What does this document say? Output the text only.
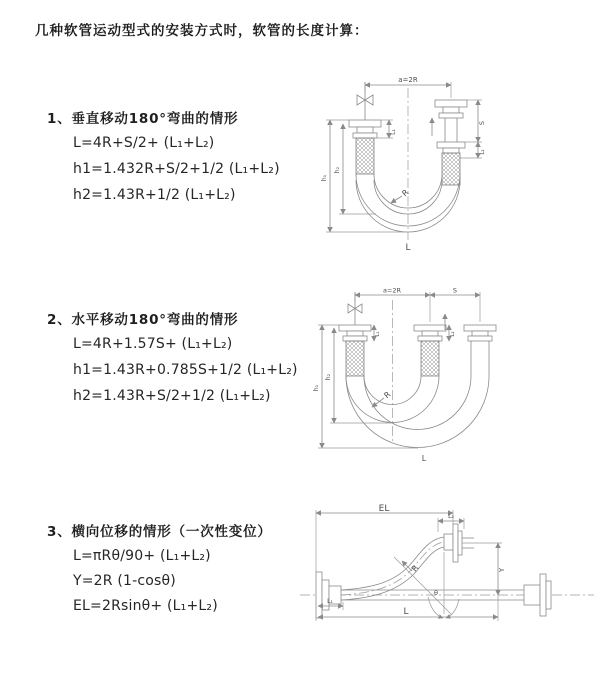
几种软管运动型式的安装方式时，软管的长度计算：
1、垂直移动180°弯曲的情形
L=4R+S/2+ (L₁+L₂)
h1=1.432R+S/2+1/2 (L₁+L₂)
h2=1.43R+1/2 (L₁+L₂)
2、水平移动180°弯曲的情形
L=4R+1.57S+ (L₁+L₂)
h1=1.43R+0.785S+1/2 (L₁+L₂)
h2=1.43R+S/2+1/2 (L₁+L₂)
3、横向位移的情形（一次性变位）
L=πRθ/90+ (L₁+L₂)
Y=2R (1-cosθ)
EL=2Rsinθ+ (L₁+L₂)
a=2R
L₁
R
h₁
h₂
S
L₂
L
a=2R	S
L₁	L₂
R
h₁
h₂
L
EL
L₂
Y
θ
R
L₁
L
